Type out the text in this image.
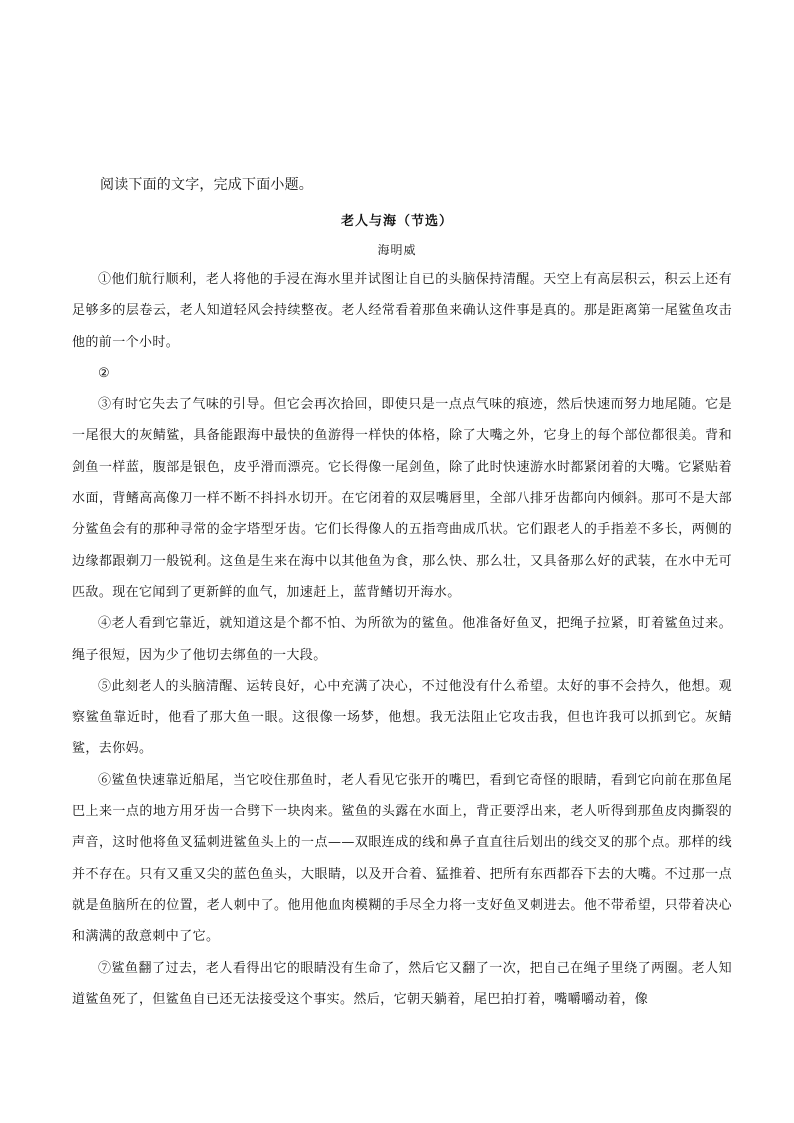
阅读下面的文字，完成下面小题。
老人与海（节选）
海明威

①他们航行顺利，老人将他的手浸在海水里并试图让自已的头脑保持清醒。天空上有高层积云，积云上还有足够多的层卷云，老人知道轻风会持续整夜。老人经常看着那鱼来确认这件事是真的。那是距离第一尾鲨鱼攻击他的前一个小时。

②

③有时它失去了气味的引导。但它会再次拾回，即使只是一点点气味的痕迹，然后快速而努力地尾随。它是一尾很大的灰鲭鲨，具备能跟海中最快的鱼游得一样快的体格，除了大嘴之外，它身上的每个部位都很美。背和剑鱼一样蓝，腹部是银色，皮乎滑而漂亮。它长得像一尾剑鱼，除了此时快速游水时都紧闭着的大嘴。它紧贴着水面，背鳍高高像刀一样不断不抖抖水切开。在它闭着的双层嘴唇里，全部八排牙齿都向内倾斜。那可不是大部分鲨鱼会有的那种寻常的金字塔型牙齿。它们长得像人的五指弯曲成爪状。它们跟老人的手指差不多长，两侧的边缘都跟剃刀一般锐利。这鱼是生来在海中以其他鱼为食，那么快、那么壮，又具备那么好的武装，在水中无可匹敌。现在它闻到了更新鲜的血气，加速赶上，蓝背鳍切开海水。

④老人看到它靠近，就知道这是个都不怕、为所欲为的鲨鱼。他准备好鱼叉，把绳子拉紧，盯着鲨鱼过来。绳子很短，因为少了他切去绑鱼的一大段。

⑤此刻老人的头脑清醒、运转良好，心中充满了决心，不过他没有什么希望。太好的事不会持久，他想。观察鲨鱼靠近时，他看了那大鱼一眼。这很像一场梦，他想。我无法阻止它攻击我，但也许我可以抓到它。灰鲭鲨，去你妈。

⑥鲨鱼快速靠近船尾，当它咬住那鱼时，老人看见它张开的嘴巴，看到它奇怪的眼睛，看到它向前在那鱼尾巴上来一点的地方用牙齿一合劈下一块肉来。鲨鱼的头露在水面上，背正要浮出来，老人听得到那鱼皮肉撕裂的声音，这时他将鱼叉猛刺进鲨鱼头上的一点——双眼连成的线和鼻子直直往后划出的线交叉的那个点。那样的线并不存在。只有又重又尖的蓝色鱼头，大眼睛，以及开合着、猛推着、把所有东西都吞下去的大嘴。不过那一点就是鱼脑所在的位置，老人刺中了。他用他血肉模糊的手尽全力将一支好鱼叉刺进去。他不带希望，只带着决心和满满的敌意刺中了它。

⑦鲨鱼翻了过去，老人看得出它的眼睛没有生命了，然后它又翻了一次，把自己在绳子里绕了两圈。老人知道鲨鱼死了，但鲨鱼自已还无法接受这个事实。然后，它朝天躺着，尾巴拍打着，嘴嚼嚼动着，像
